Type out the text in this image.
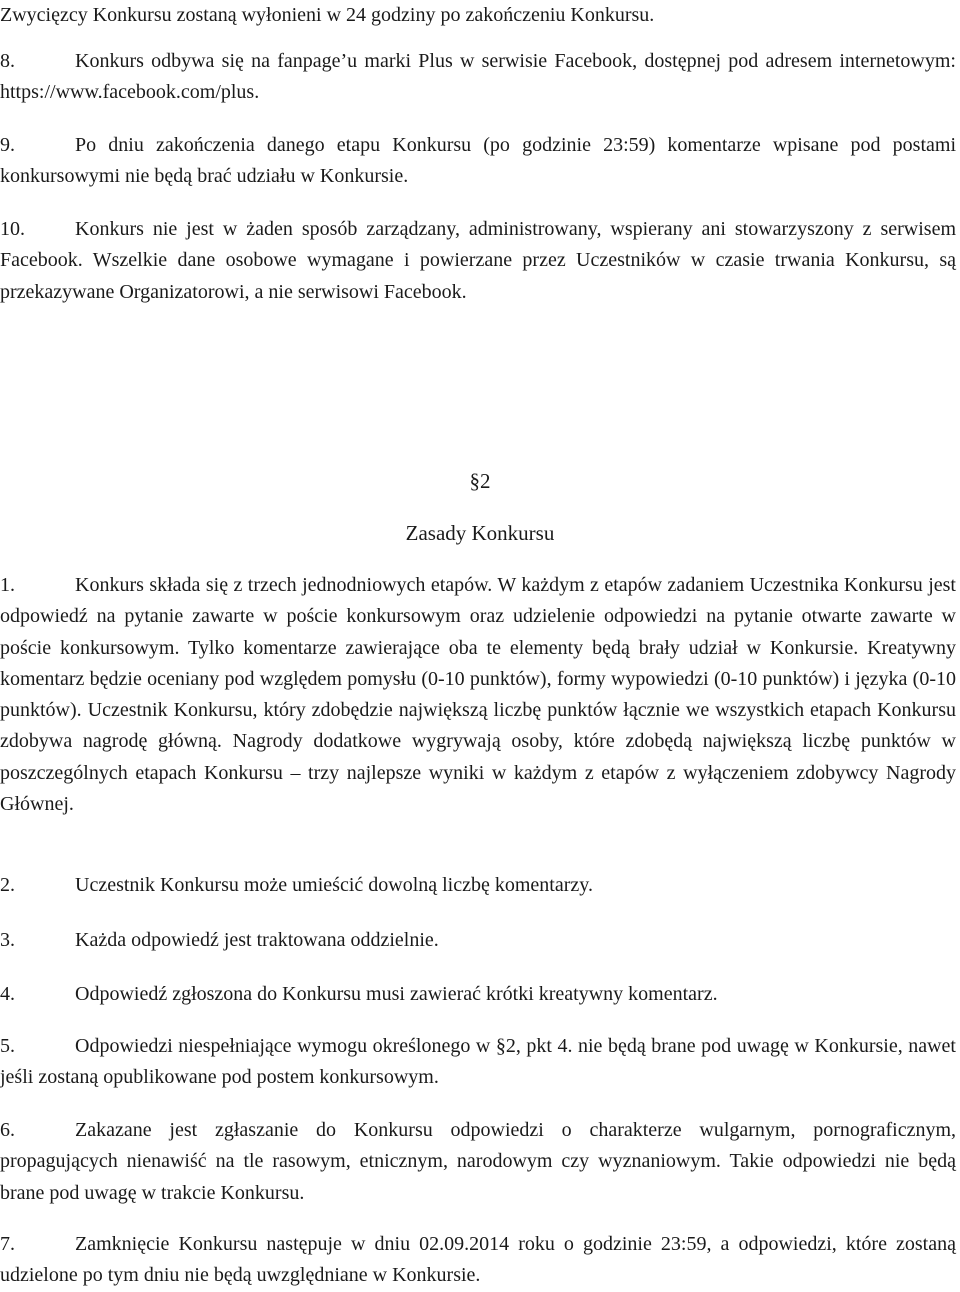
Zwycięzcy Konkursu zostaną wyłonieni w 24 godziny po zakończeniu Konkursu.

8.	Konkurs odbywa się na fanpage’u marki Plus w serwisie Facebook, dostępnej pod adresem internetowym: https://www.facebook.com/plus.

9.	Po dniu zakończenia danego etapu Konkursu (po godzinie 23:59) komentarze wpisane pod postami konkursowymi nie będą brać udziału w Konkursie.

10.	Konkurs nie jest w żaden sposób zarządzany, administrowany, wspierany ani stowarzyszony z serwisem Facebook. Wszelkie dane osobowe wymagane i powierzane przez Uczestników w czasie trwania Konkursu, są przekazywane Organizatorowi, a nie serwisowi Facebook.

§2
Zasady Konkursu

1.	Konkurs składa się z trzech jednodniowych etapów. W każdym z etapów zadaniem Uczestnika Konkursu jest odpowiedź na pytanie zawarte w poście konkursowym oraz udzielenie odpowiedzi na pytanie otwarte zawarte w poście konkursowym. Tylko komentarze zawierające oba te elementy będą brały udział w Konkursie. Kreatywny komentarz będzie oceniany pod względem pomysłu (0-10 punktów), formy wypowiedzi (0-10 punktów) i języka (0-10 punktów). Uczestnik Konkursu, który zdobędzie największą liczbę punktów łącznie we wszystkich etapach Konkursu zdobywa nagrodę główną. Nagrody dodatkowe wygrywają osoby, które zdobędą największą liczbę punktów w poszczególnych etapach Konkursu – trzy najlepsze wyniki w każdym z etapów z wyłączeniem zdobywcy Nagrody Głównej.

2.	Uczestnik Konkursu może umieścić dowolną liczbę komentarzy.

3.	Każda odpowiedź jest traktowana oddzielnie.

4.	Odpowiedź zgłoszona do Konkursu musi zawierać krótki kreatywny komentarz.

5.	Odpowiedzi niespełniające wymogu określonego w §2, pkt 4. nie będą brane pod uwagę w Konkursie, nawet jeśli zostaną opublikowane pod postem konkursowym.

6.	Zakazane jest zgłaszanie do Konkursu odpowiedzi o charakterze wulgarnym, pornograficznym, propagujących nienawiść na tle rasowym, etnicznym, narodowym czy wyznaniowym. Takie odpowiedzi nie będą brane pod uwagę w trakcie Konkursu.

7.	Zamknięcie Konkursu następuje w dniu 02.09.2014 roku o godzinie 23:59, a odpowiedzi, które zostaną udzielone po tym dniu nie będą uwzględniane w Konkursie.
